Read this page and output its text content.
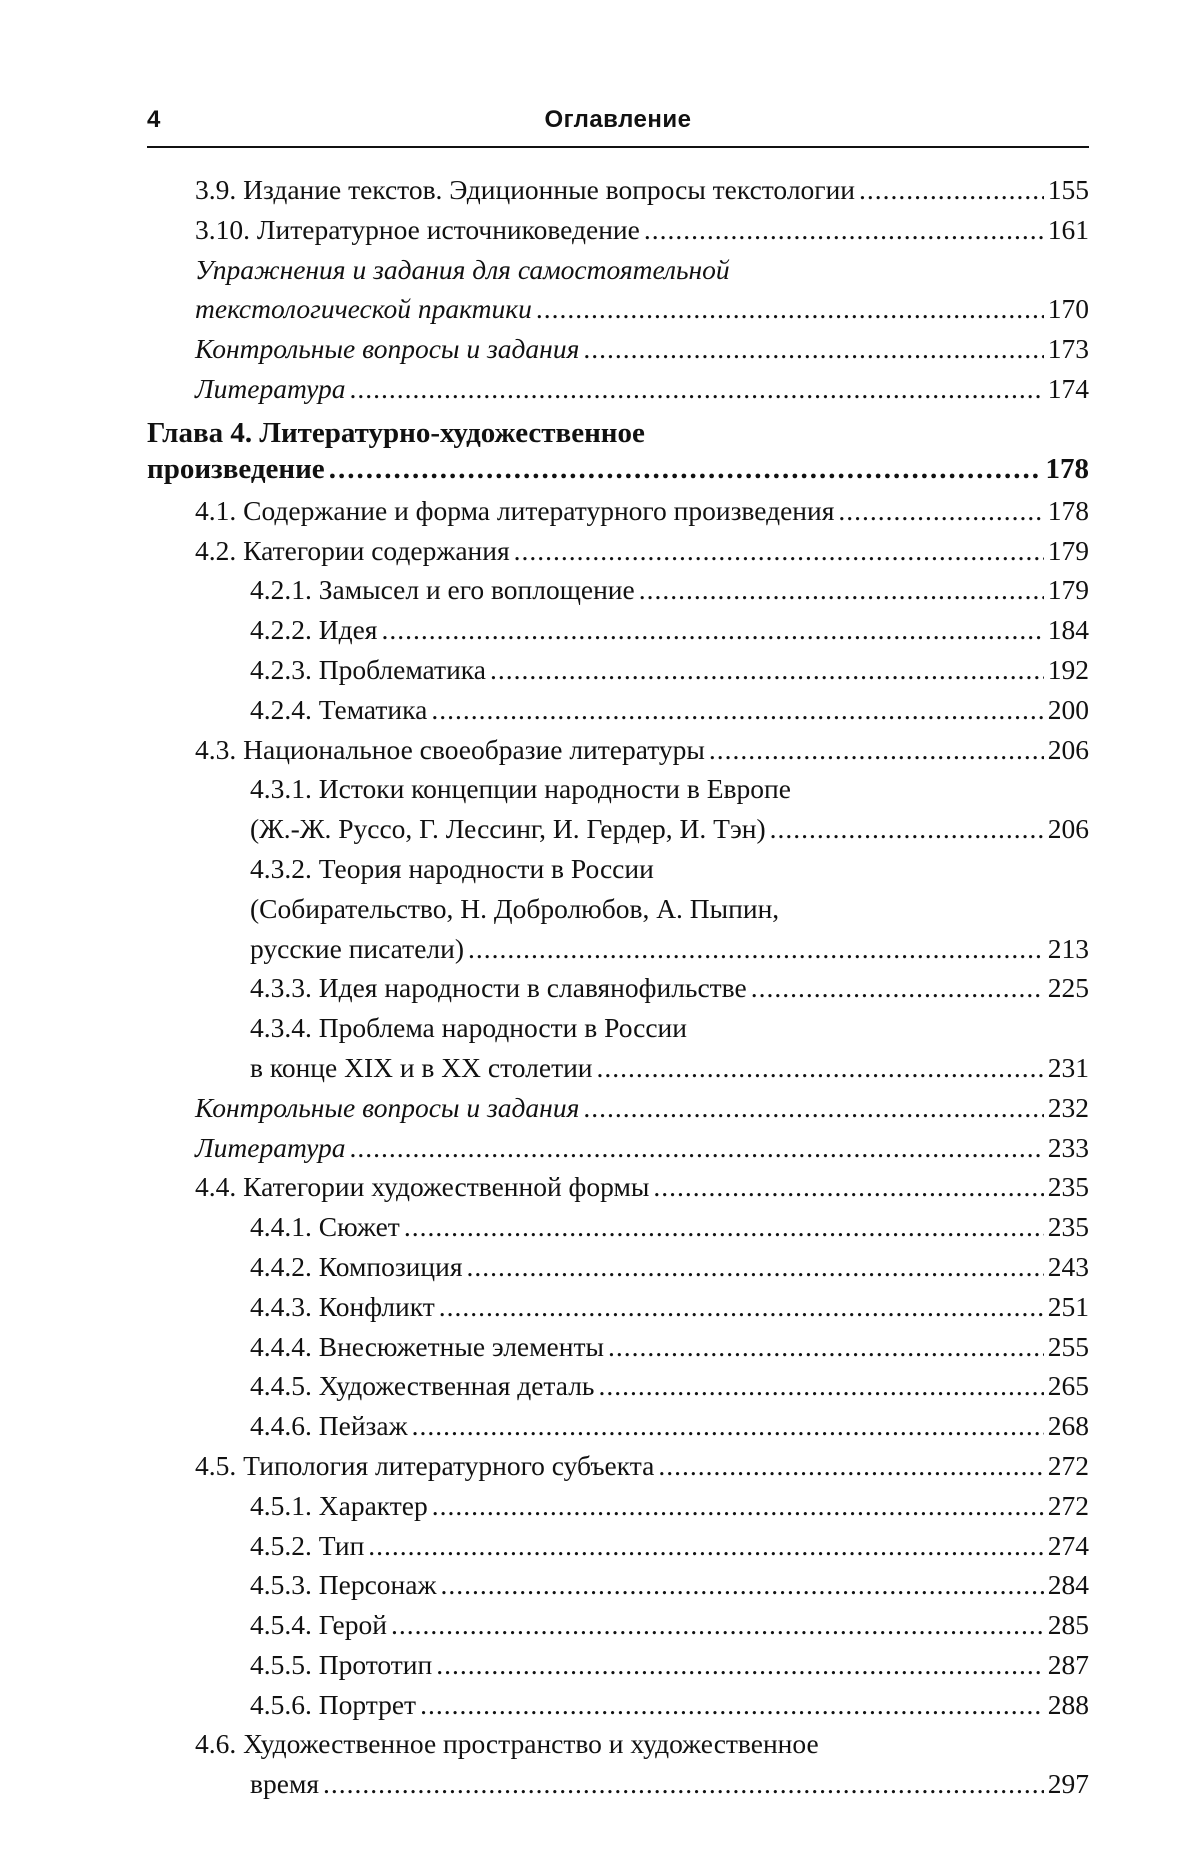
4	Оглавление
3.9. Издание текстов. Эдиционные вопросы текстологии .....	155
3.10. Литературное источниковедение .....	161
Упражнения и задания для самостоятельной
текстологической практики .....	170
Контрольные вопросы и задания .....	173
Литература .....	174
Глава 4. Литературно-художественное
произведение .....	178
4.1. Содержание и форма литературного произведения .....	178
4.2. Категории содержания .....	179
4.2.1. Замысел и его воплощение .....	179
4.2.2. Идея .....	184
4.2.3. Проблематика .....	192
4.2.4. Тематика .....	200
4.3. Национальное своеобразие литературы .....	206
4.3.1. Истоки концепции народности в Европе
(Ж.-Ж. Руссо, Г. Лессинг, И. Гердер, И. Тэн) .....	206
4.3.2. Теория народности в России
(Собирательство, Н. Добролюбов, А. Пыпин,
русские писатели) .....	213
4.3.3. Идея народности в славянофильстве .....	225
4.3.4. Проблема народности в России
в конце XIX и в XX столетии .....	231
Контрольные вопросы и задания .....	232
Литература .....	233
4.4. Категории художественной формы .....	235
4.4.1. Сюжет .....	235
4.4.2. Композиция .....	243
4.4.3. Конфликт .....	251
4.4.4. Внесюжетные элементы .....	255
4.4.5. Художественная деталь .....	265
4.4.6. Пейзаж .....	268
4.5. Типология литературного субъекта .....	272
4.5.1. Характер .....	272
4.5.2. Тип .....	274
4.5.3. Персонаж .....	284
4.5.4. Герой .....	285
4.5.5. Прототип .....	287
4.5.6. Портрет .....	288
4.6. Художественное пространство и художественное
время .....	297
